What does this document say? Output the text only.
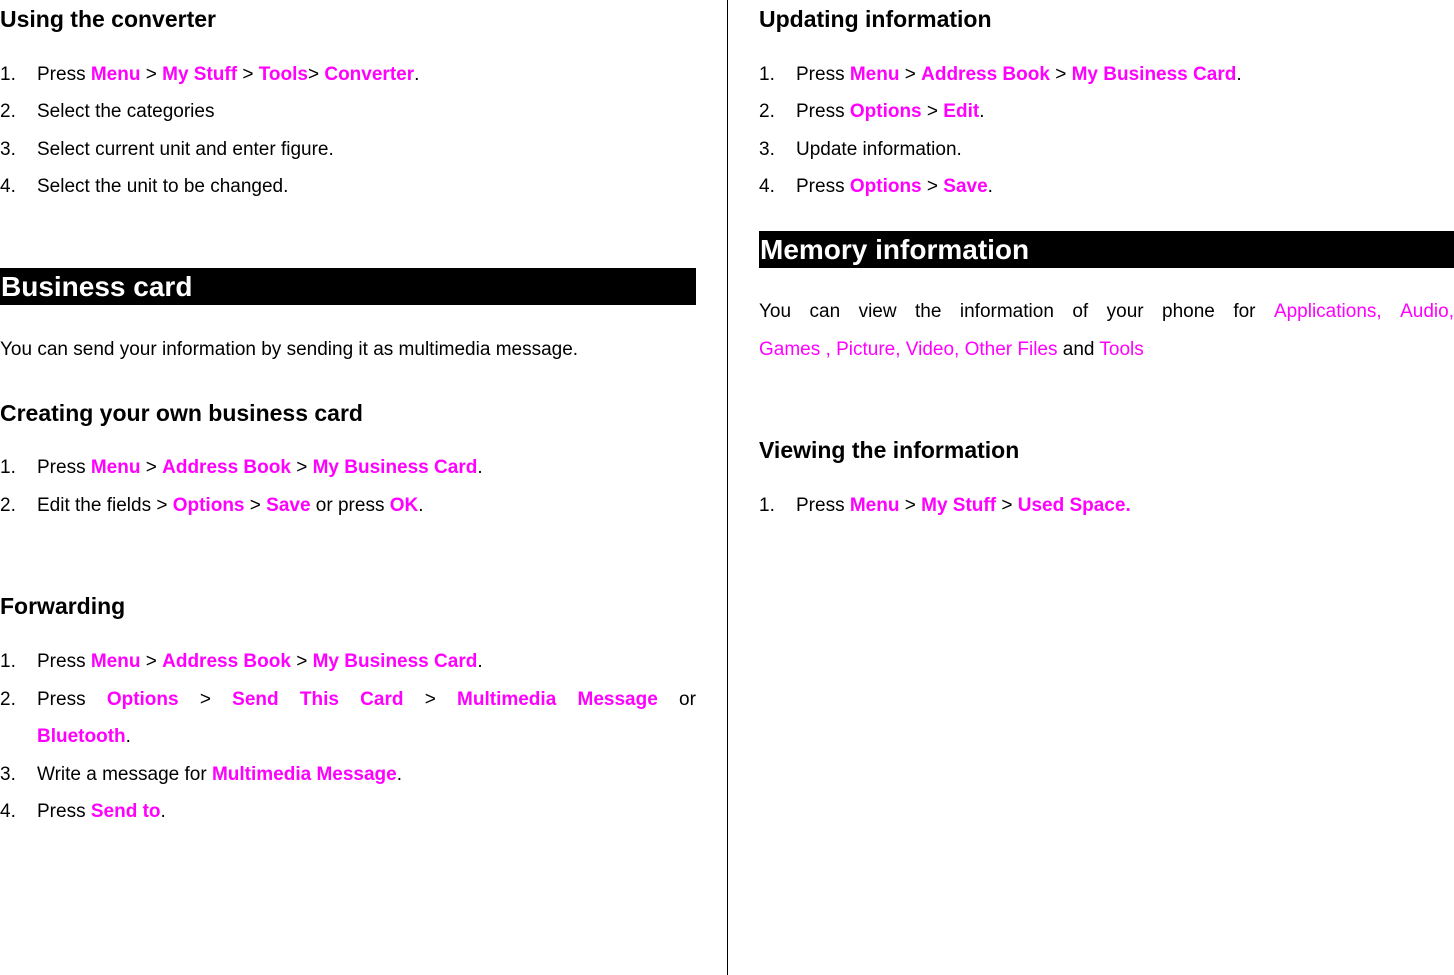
Using the converter
1. Press Menu > My Stuff > Tools> Converter.
2. Select the categories
3. Select current unit and enter figure.
4. Select the unit to be changed.
Business card
You can send your information by sending it as multimedia message.
Creating your own business card
1. Press Menu > Address Book > My Business Card.
2. Edit the fields > Options > Save or press OK.
Forwarding
1. Press Menu > Address Book > My Business Card.
2. Press Options > Send This Card > Multimedia Message or
Bluetooth.
3. Write a message for Multimedia Message.
4. Press Send to.
Updating information
1. Press Menu > Address Book > My Business Card.
2. Press Options > Edit.
3. Update information.
4. Press Options > Save.
Memory information
You can view the information of your phone for Applications, Audio,
Games , Picture, Video, Other Files and Tools
Viewing the information
1. Press Menu > My Stuff > Used Space.
